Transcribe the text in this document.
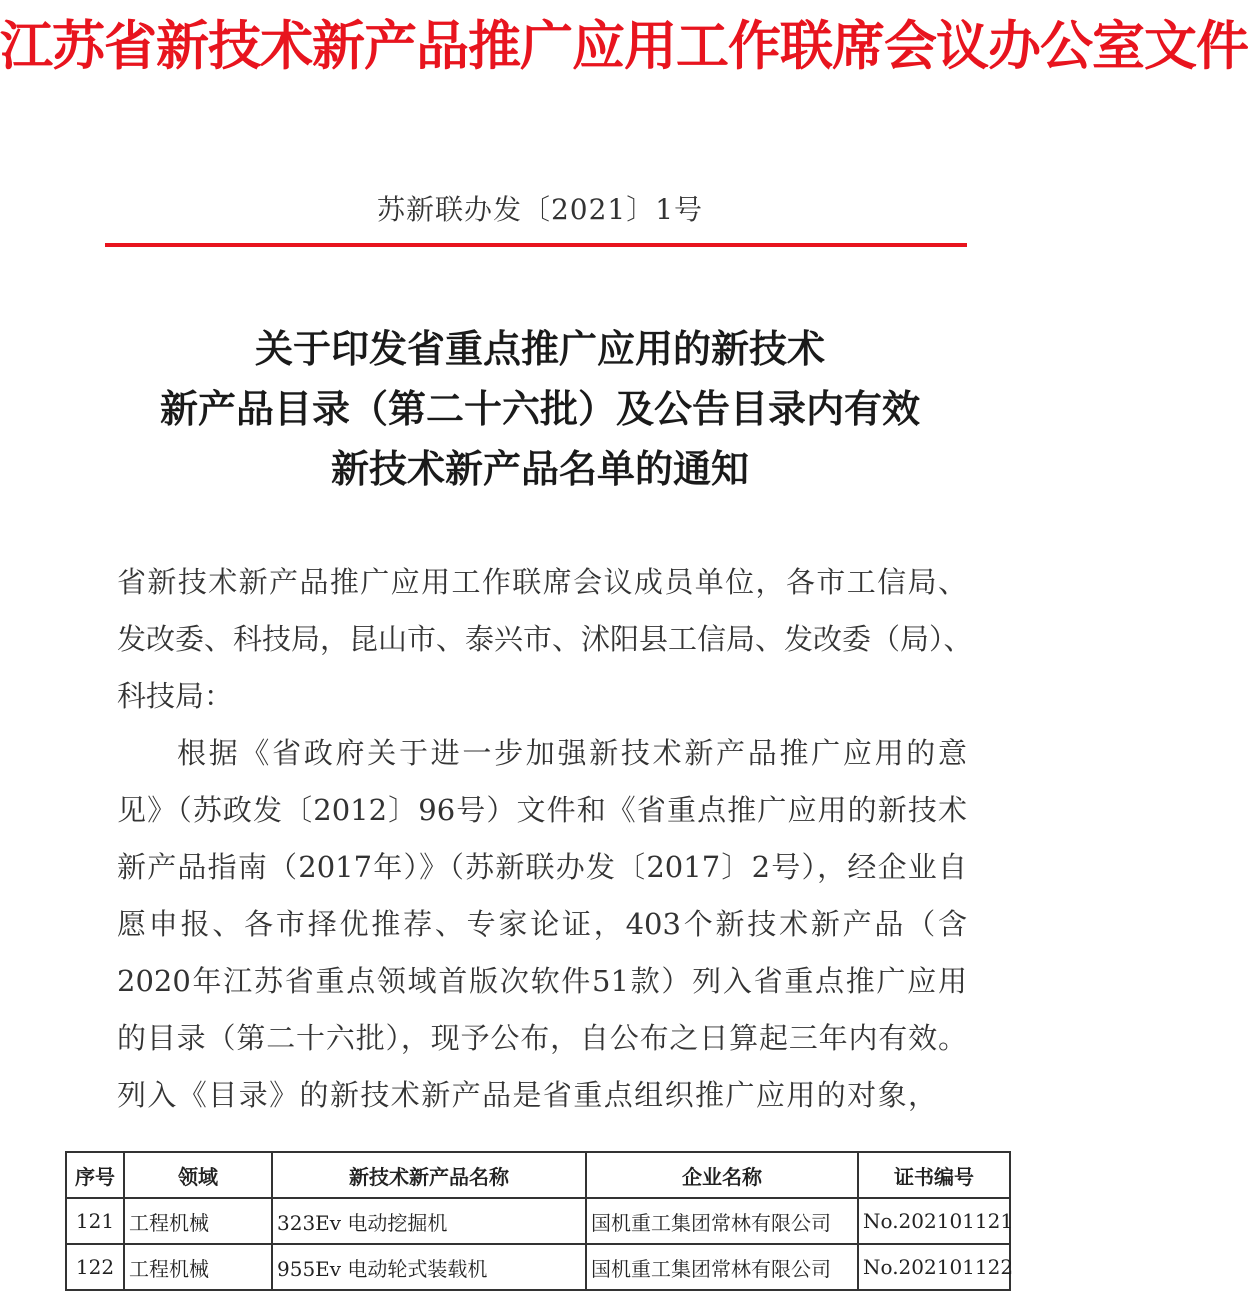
江苏省新技术新产品推广应用工作联席会议办公室文件
苏新联办发〔2021〕1号
关于印发省重点推广应用的新技术
新产品目录（第二十六批）及公告目录内有效
新技术新产品名单的通知
省新技术新产品推广应用工作联席会议成员单位，各市工信局、
发改委、科技局，昆山市、泰兴市、沭阳县工信局、发改委（局）、
科技局：
根据《省政府关于进一步加强新技术新产品推广应用的意
见》（苏政发〔2012〕96号）文件和《省重点推广应用的新技术
新产品指南（2017年）》（苏新联办发〔2017〕2号），经企业自
愿申报、各市择优推荐、专家论证，403个新技术新产品（含
2020年江苏省重点领域首版次软件51款）列入省重点推广应用
的目录（第二十六批），现予公布，自公布之日算起三年内有效。
列入《目录》的新技术新产品是省重点组织推广应用的对象，
序号	领域	新技术新产品名称	企业名称	证书编号
121	工程机械	323Ev 电动挖掘机	国机重工集团常林有限公司	No.202101121
122	工程机械	955Ev 电动轮式装载机	国机重工集团常林有限公司	No.202101122
